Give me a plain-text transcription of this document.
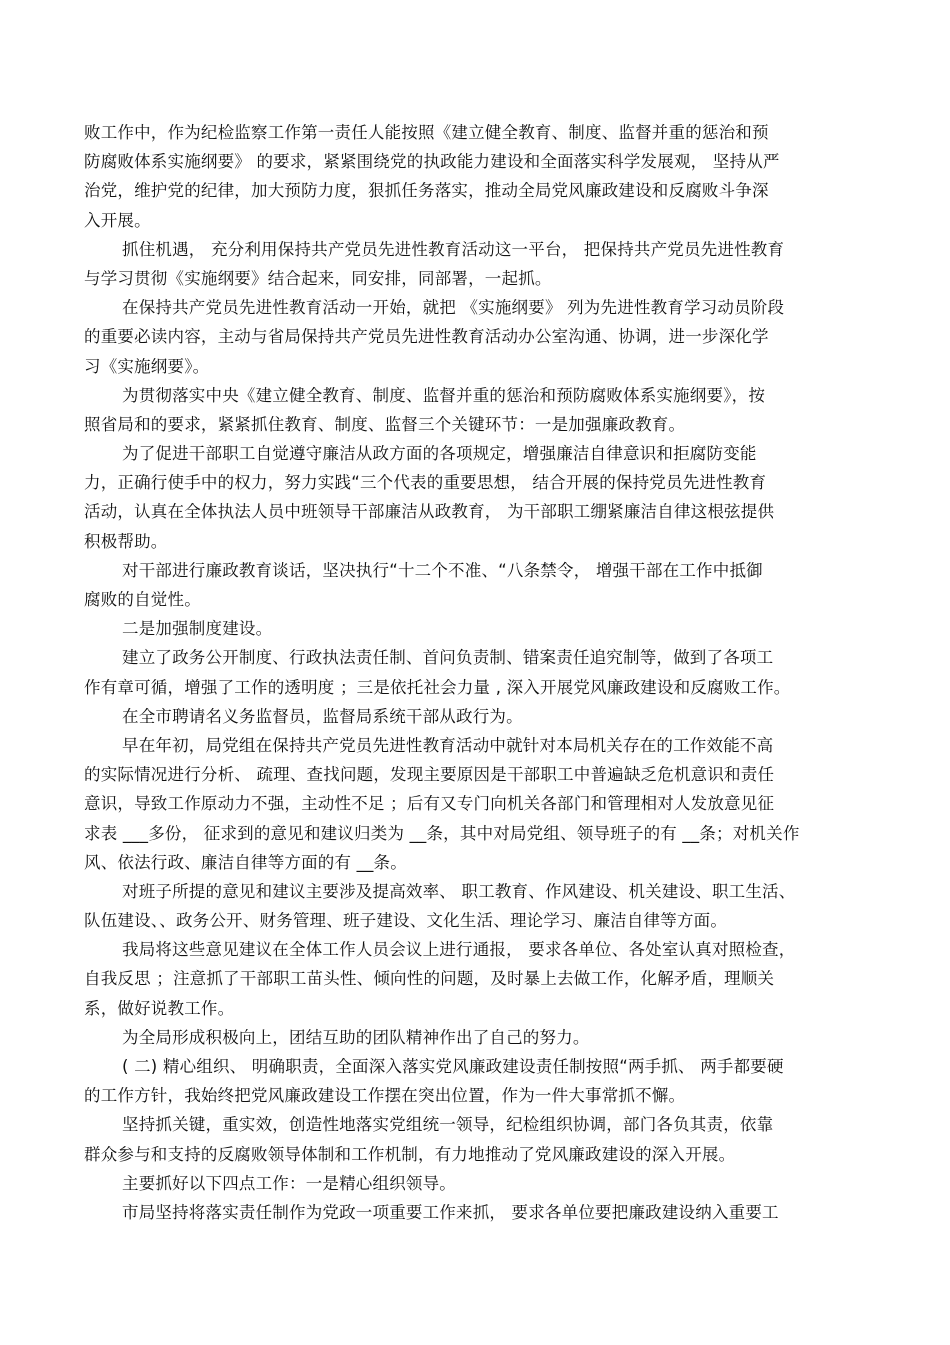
败工作中，作为纪检监察工作第一责任人能按照《建立健全教育、制度、监督并重的惩治和预
防腐败体系实施纲要》 的要求，紧紧围绕党的执政能力建设和全面落实科学发展观， 坚持从严
治党，维护党的纪律，加大预防力度，狠抓任务落实，推动全局党风廉政建设和反腐败斗争深
入开展。
抓住机遇， 充分利用保持共产党员先进性教育活动这一平台， 把保持共产党员先进性教育
与学习贯彻《实施纲要》结合起来，同安排，同部署，一起抓。
在保持共产党员先进性教育活动一开始，就把 《实施纲要》 列为先进性教育学习动员阶段
的重要必读内容，主动与省局保持共产党员先进性教育活动办公室沟通、协调，进一步深化学
习《实施纲要》。
为贯彻落实中央《建立健全教育、制度、监督并重的惩治和预防腐败体系实施纲要》，按
照省局和的要求，紧紧抓住教育、制度、监督三个关键环节：一是加强廉政教育。
为了促进干部职工自觉遵守廉洁从政方面的各项规定，增强廉洁自律意识和拒腐防变能
力，正确行使手中的权力，努力实践“三个代表的重要思想， 结合开展的保持党员先进性教育
活动，认真在全体执法人员中班领导干部廉洁从政教育， 为干部职工绷紧廉洁自律这根弦提供
积极帮助。
对干部进行廉政教育谈话，坚决执行“十二个不准、“八条禁令， 增强干部在工作中抵御
腐败的自觉性。
二是加强制度建设。
建立了政务公开制度、行政执法责任制、首问负责制、错案责任追究制等，做到了各项工
作有章可循，增强了工作的透明度 ；三是依托社会力量 , 深入开展党风廉政建设和反腐败工作。
在全市聘请名义务监督员，监督局系统干部从政行为。
早在年初，局党组在保持共产党员先进性教育活动中就针对本局机关存在的工作效能不高
的实际情况进行分析、 疏理、查找问题，发现主要原因是干部职工中普遍缺乏危机意识和责任
意识，导致工作原动力不强，主动性不足 ；后有又专门向机关各部门和管理相对人发放意见征
求表 ___多份， 征求到的意见和建议归类为 __条，其中对局党组、领导班子的有 __条；对机关作
风、依法行政、廉洁自律等方面的有 __条。
对班子所提的意见和建议主要涉及提高效率、 职工教育、作风建设、机关建设、职工生活、
队伍建设、、政务公开、财务管理、班子建设、文化生活、理论学习、廉洁自律等方面。
我局将这些意见建议在全体工作人员会议上进行通报， 要求各单位、各处室认真对照检查，
自我反思 ；注意抓了干部职工苗头性、倾向性的问题，及时暴上去做工作，化解矛盾，理顺关
系，做好说教工作。
为全局形成积极向上，团结互助的团队精神作出了自己的努力。
( 二) 精心组织、 明确职责，全面深入落实党风廉政建设责任制按照“两手抓、 两手都要硬
的工作方针，我始终把党风廉政建设工作摆在突出位置，作为一件大事常抓不懈。
坚持抓关键，重实效，创造性地落实党组统一领导，纪检组织协调，部门各负其责，依靠
群众参与和支持的反腐败领导体制和工作机制，有力地推动了党风廉政建设的深入开展。
主要抓好以下四点工作：一是精心组织领导。
市局坚持将落实责任制作为党政一项重要工作来抓， 要求各单位要把廉政建设纳入重要工
